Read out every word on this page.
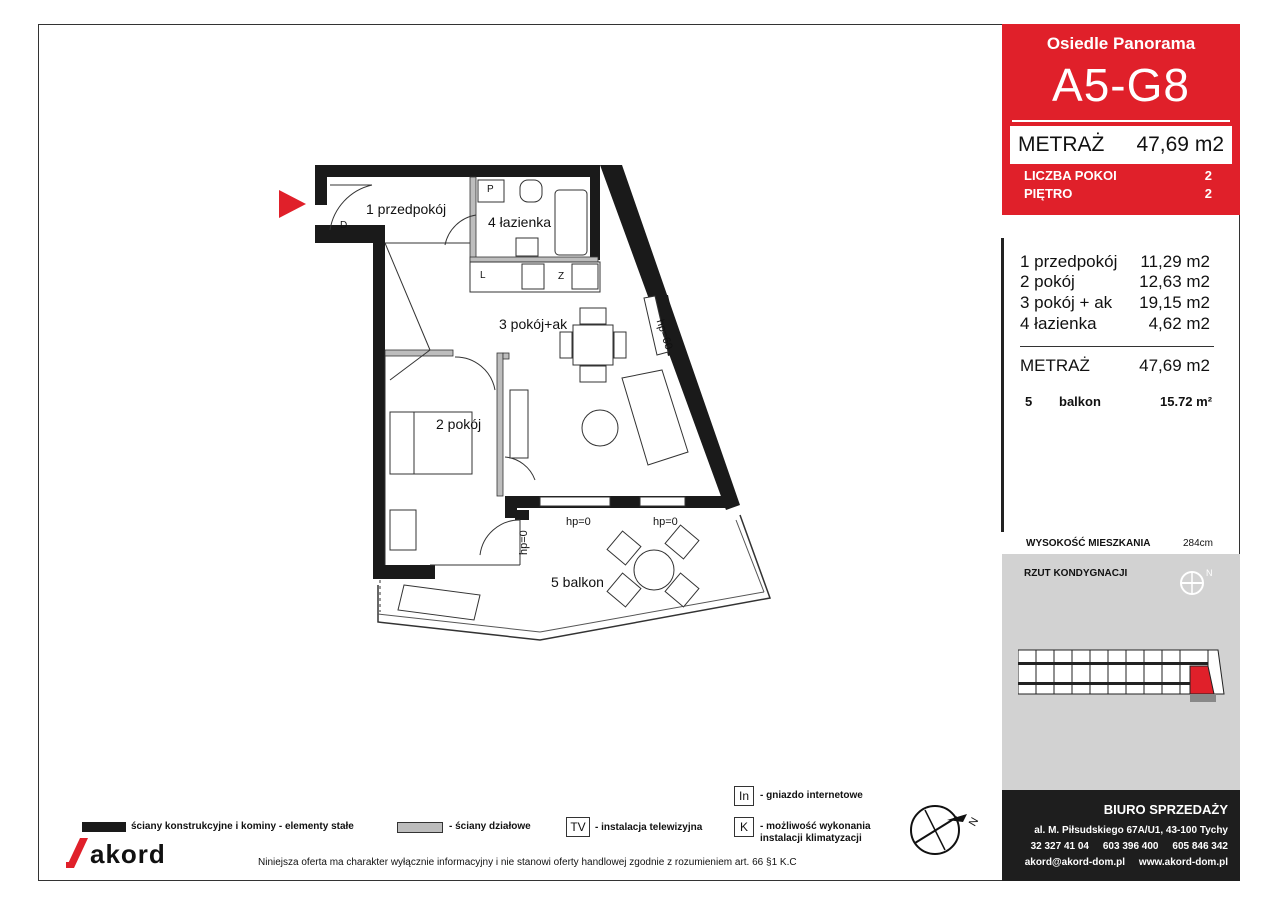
1 przedpokój
4 łazienka
3 pokój+ak
2 pokój
5 balkon
hp=60
hp=0	hp=0
hp=0
P
L
D
Z
Osiedle Panorama
A5-G8
METRAŻ 47,69 m2
LICZBA POKOI	2
PIĘTRO	2
1 przedpokój 11,29 m2
2 pokój	12,63 m2
3 pokój + ak 19,15 m2
4 łazienka	4,62 m2
METRAŻ	47,69 m2
5 balkon	15.72 m²
WYSOKOŚĆ MIESZKANIA	284cm
RZUT KONDYGNACJI	N
BIURO SPRZEDAŻY
al. M. Piłsudskiego 67A/U1, 43-100 Tychy
32 327 41 04     603 396 400     605 846 342
akord@akord-dom.pl     www.akord-dom.pl
ściany konstrukcyjne i kominy - elementy stałe	- ściany działowe	TV - instalacja telewizyjna
In	- gniazdo internetowe
K	- możliwość wykonania
instalacji klimatyzacji
N
Niniejsza oferta ma charakter wyłącznie informacyjny i nie stanowi oferty handlowej zgodnie z rozumieniem art. 66 §1 K.C
akord
